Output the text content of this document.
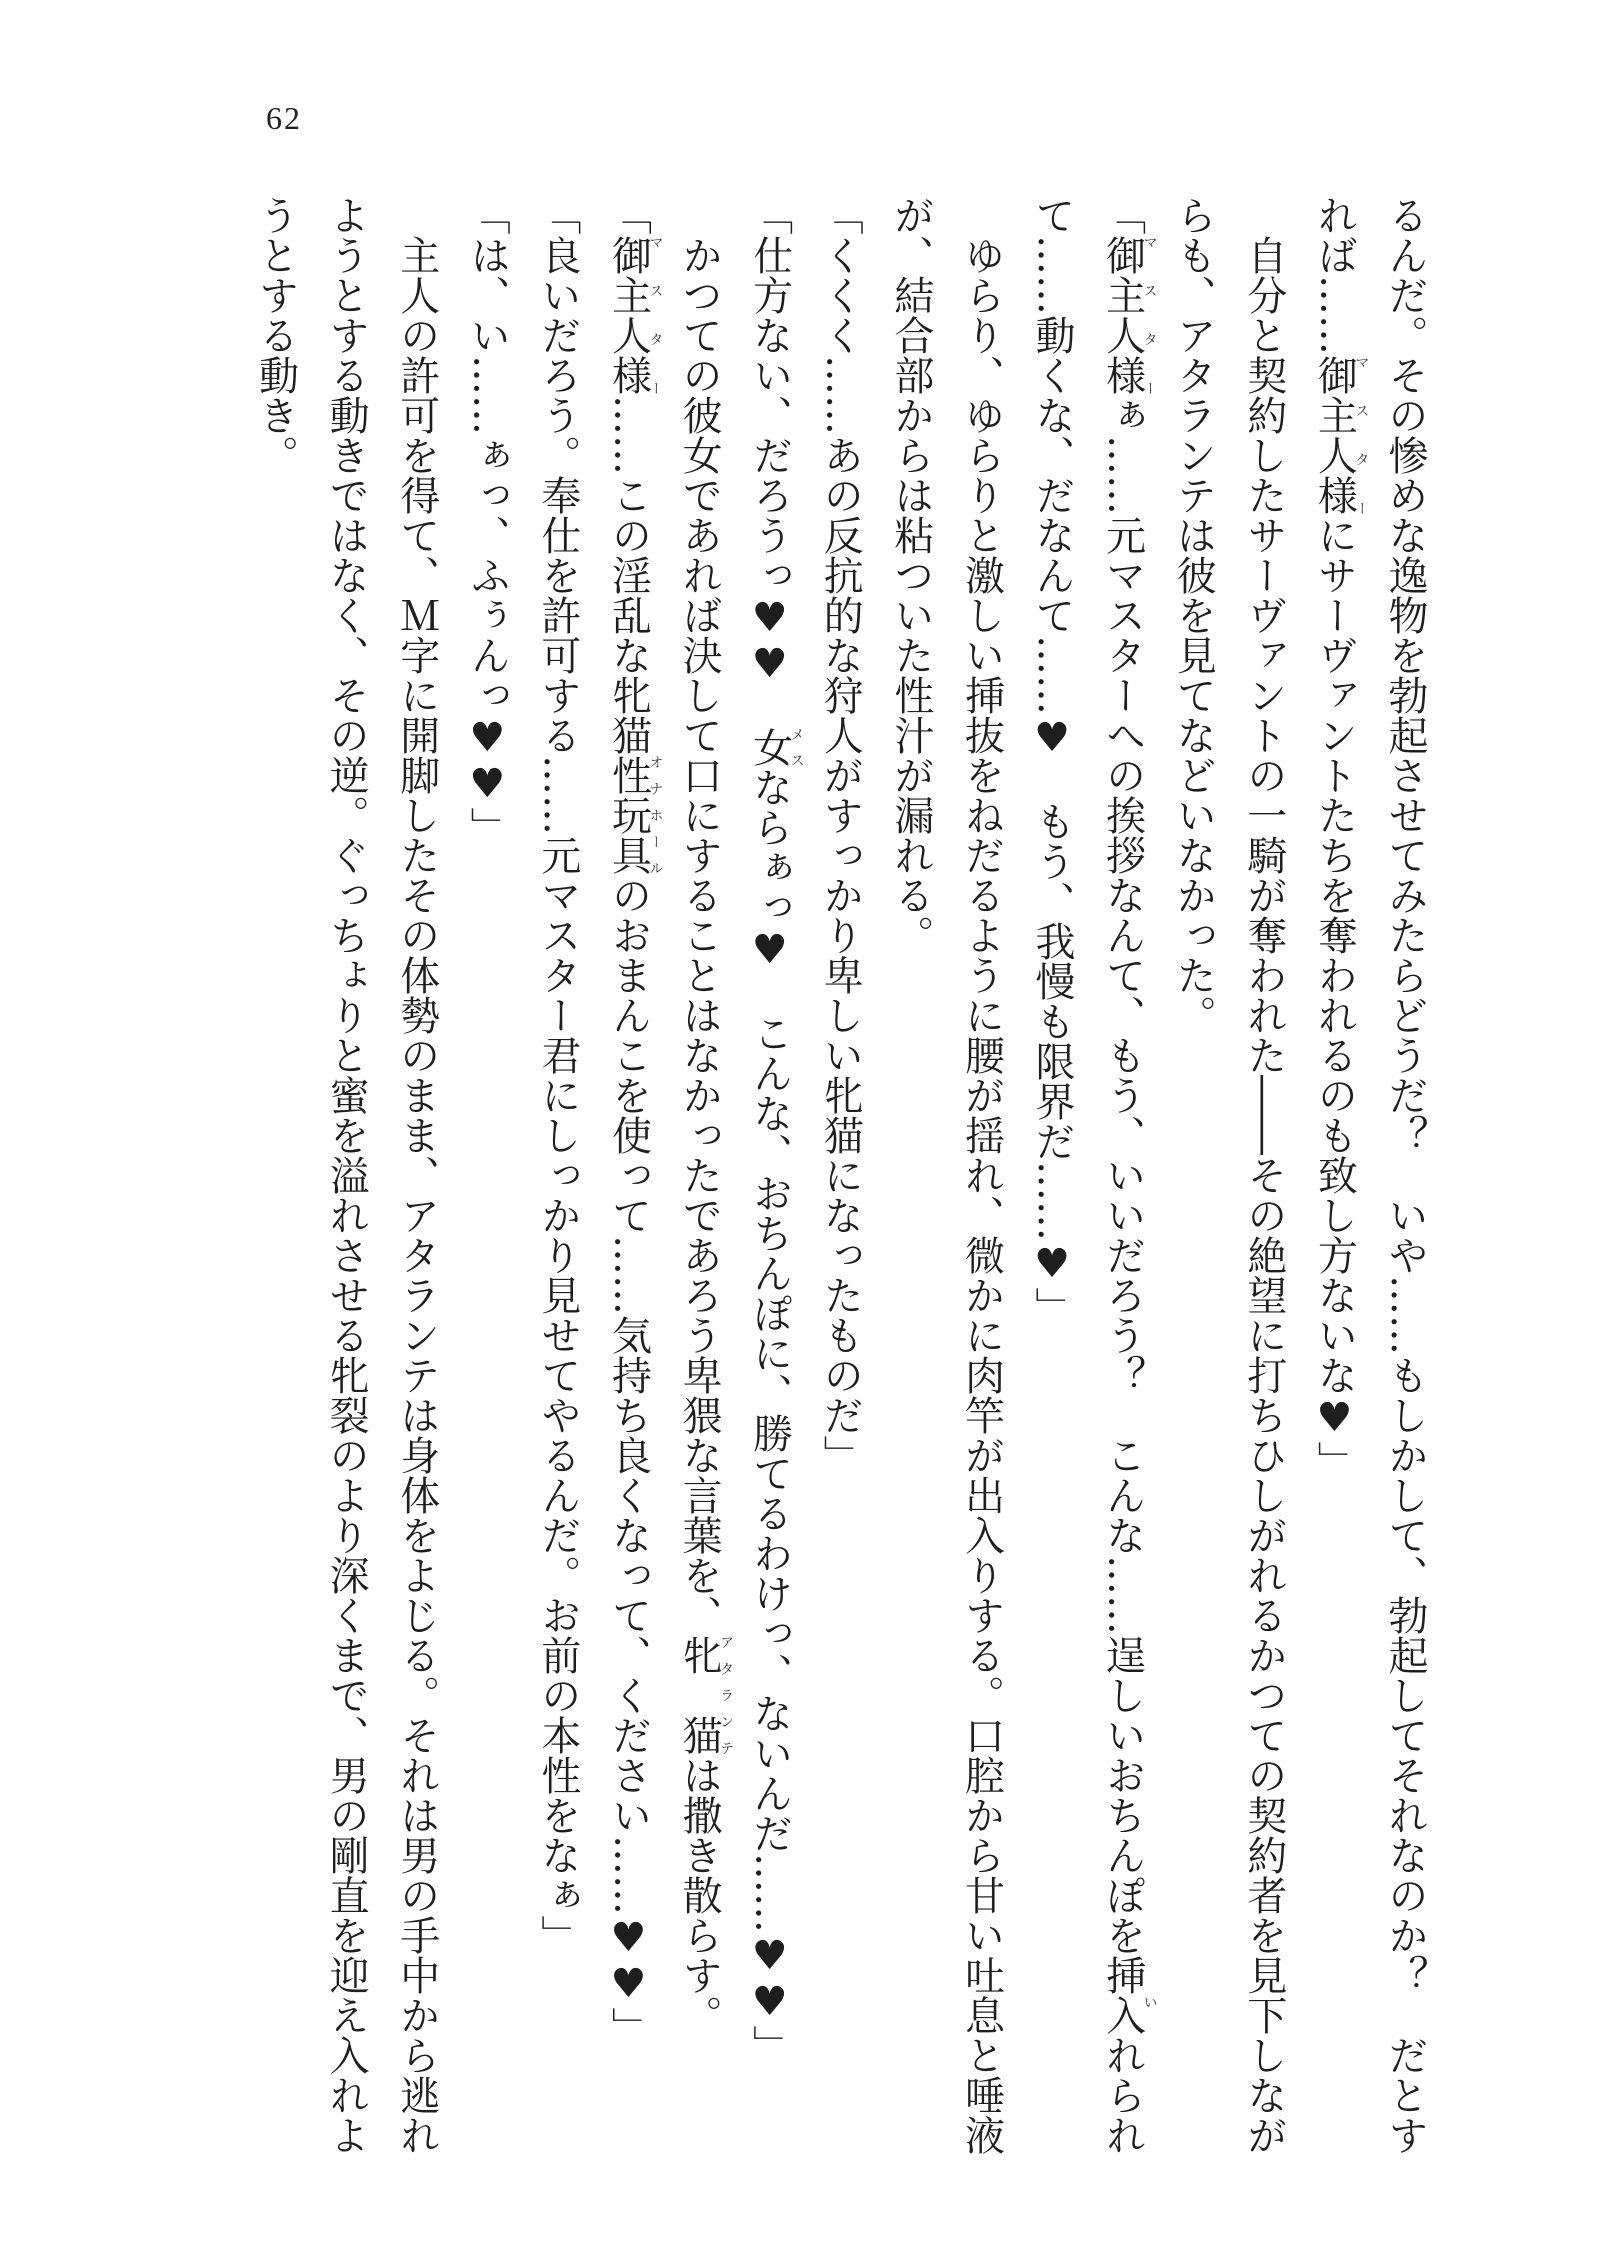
62
るんだ。その惨めな逸物を勃起させてみたらどうだ？　いや……もしかして、勃起してそれなのか？　だとす
れば……御主人様
マスター
にサーヴァントたちを奪われるのも致し方ないな♥」
　自分と契約したサーヴァントの一騎が奪われた――その絶望に打ちひしがれるかつての契約者を見下しなが
らも、アタランテは彼を見てなどいなかった。
「御主人様
マスター
ぁ……元マスターへの挨拶なんて、もう、いいだろう？　こんな……逞しいおちんぽを挿入
い
れられ
て……動くな、だなんて……♥　もう、我慢も限界だ……♥」
　ゆらり、ゆらりと激しい挿抜をねだるように腰が揺れ、微かに肉竿が出入りする。口腔から甘い吐息と唾液
が、結合部からは粘ついた性汁が漏れる。
「くくく……あの反抗的な狩人がすっかり卑しい牝猫になったものだ」
「仕方ない、だろうっ♥♥　女
メス
ならぁっ♥　こんな、おちんぽに、勝てるわけっ、ないんだ……♥♥」
　かつての彼女であれば決して口にすることはなかったであろう卑猥な言葉を、牝　猫
アタランテ
は撒き散らす。
「御主人様
マスター
……この淫乱な牝猫性玩具
オナホール
のおまんこを使って……気持ち良くなって、ください……♥♥」
「良いだろう。奉仕を許可する……元マスター君にしっかり見せてやるんだ。お前の本性をなぁ」
「は、い……ぁっ、ふぅんっ♥♥」
　主人の許可を得て、Ｍ字に開脚したその体勢のまま、アタランテは身体をよじる。それは男の手中から逃れ
ようとする動きではなく、その逆。ぐっちょりと蜜を溢れさせる牝裂のより深くまで、男の剛直を迎え入れよ
うとする動き。
